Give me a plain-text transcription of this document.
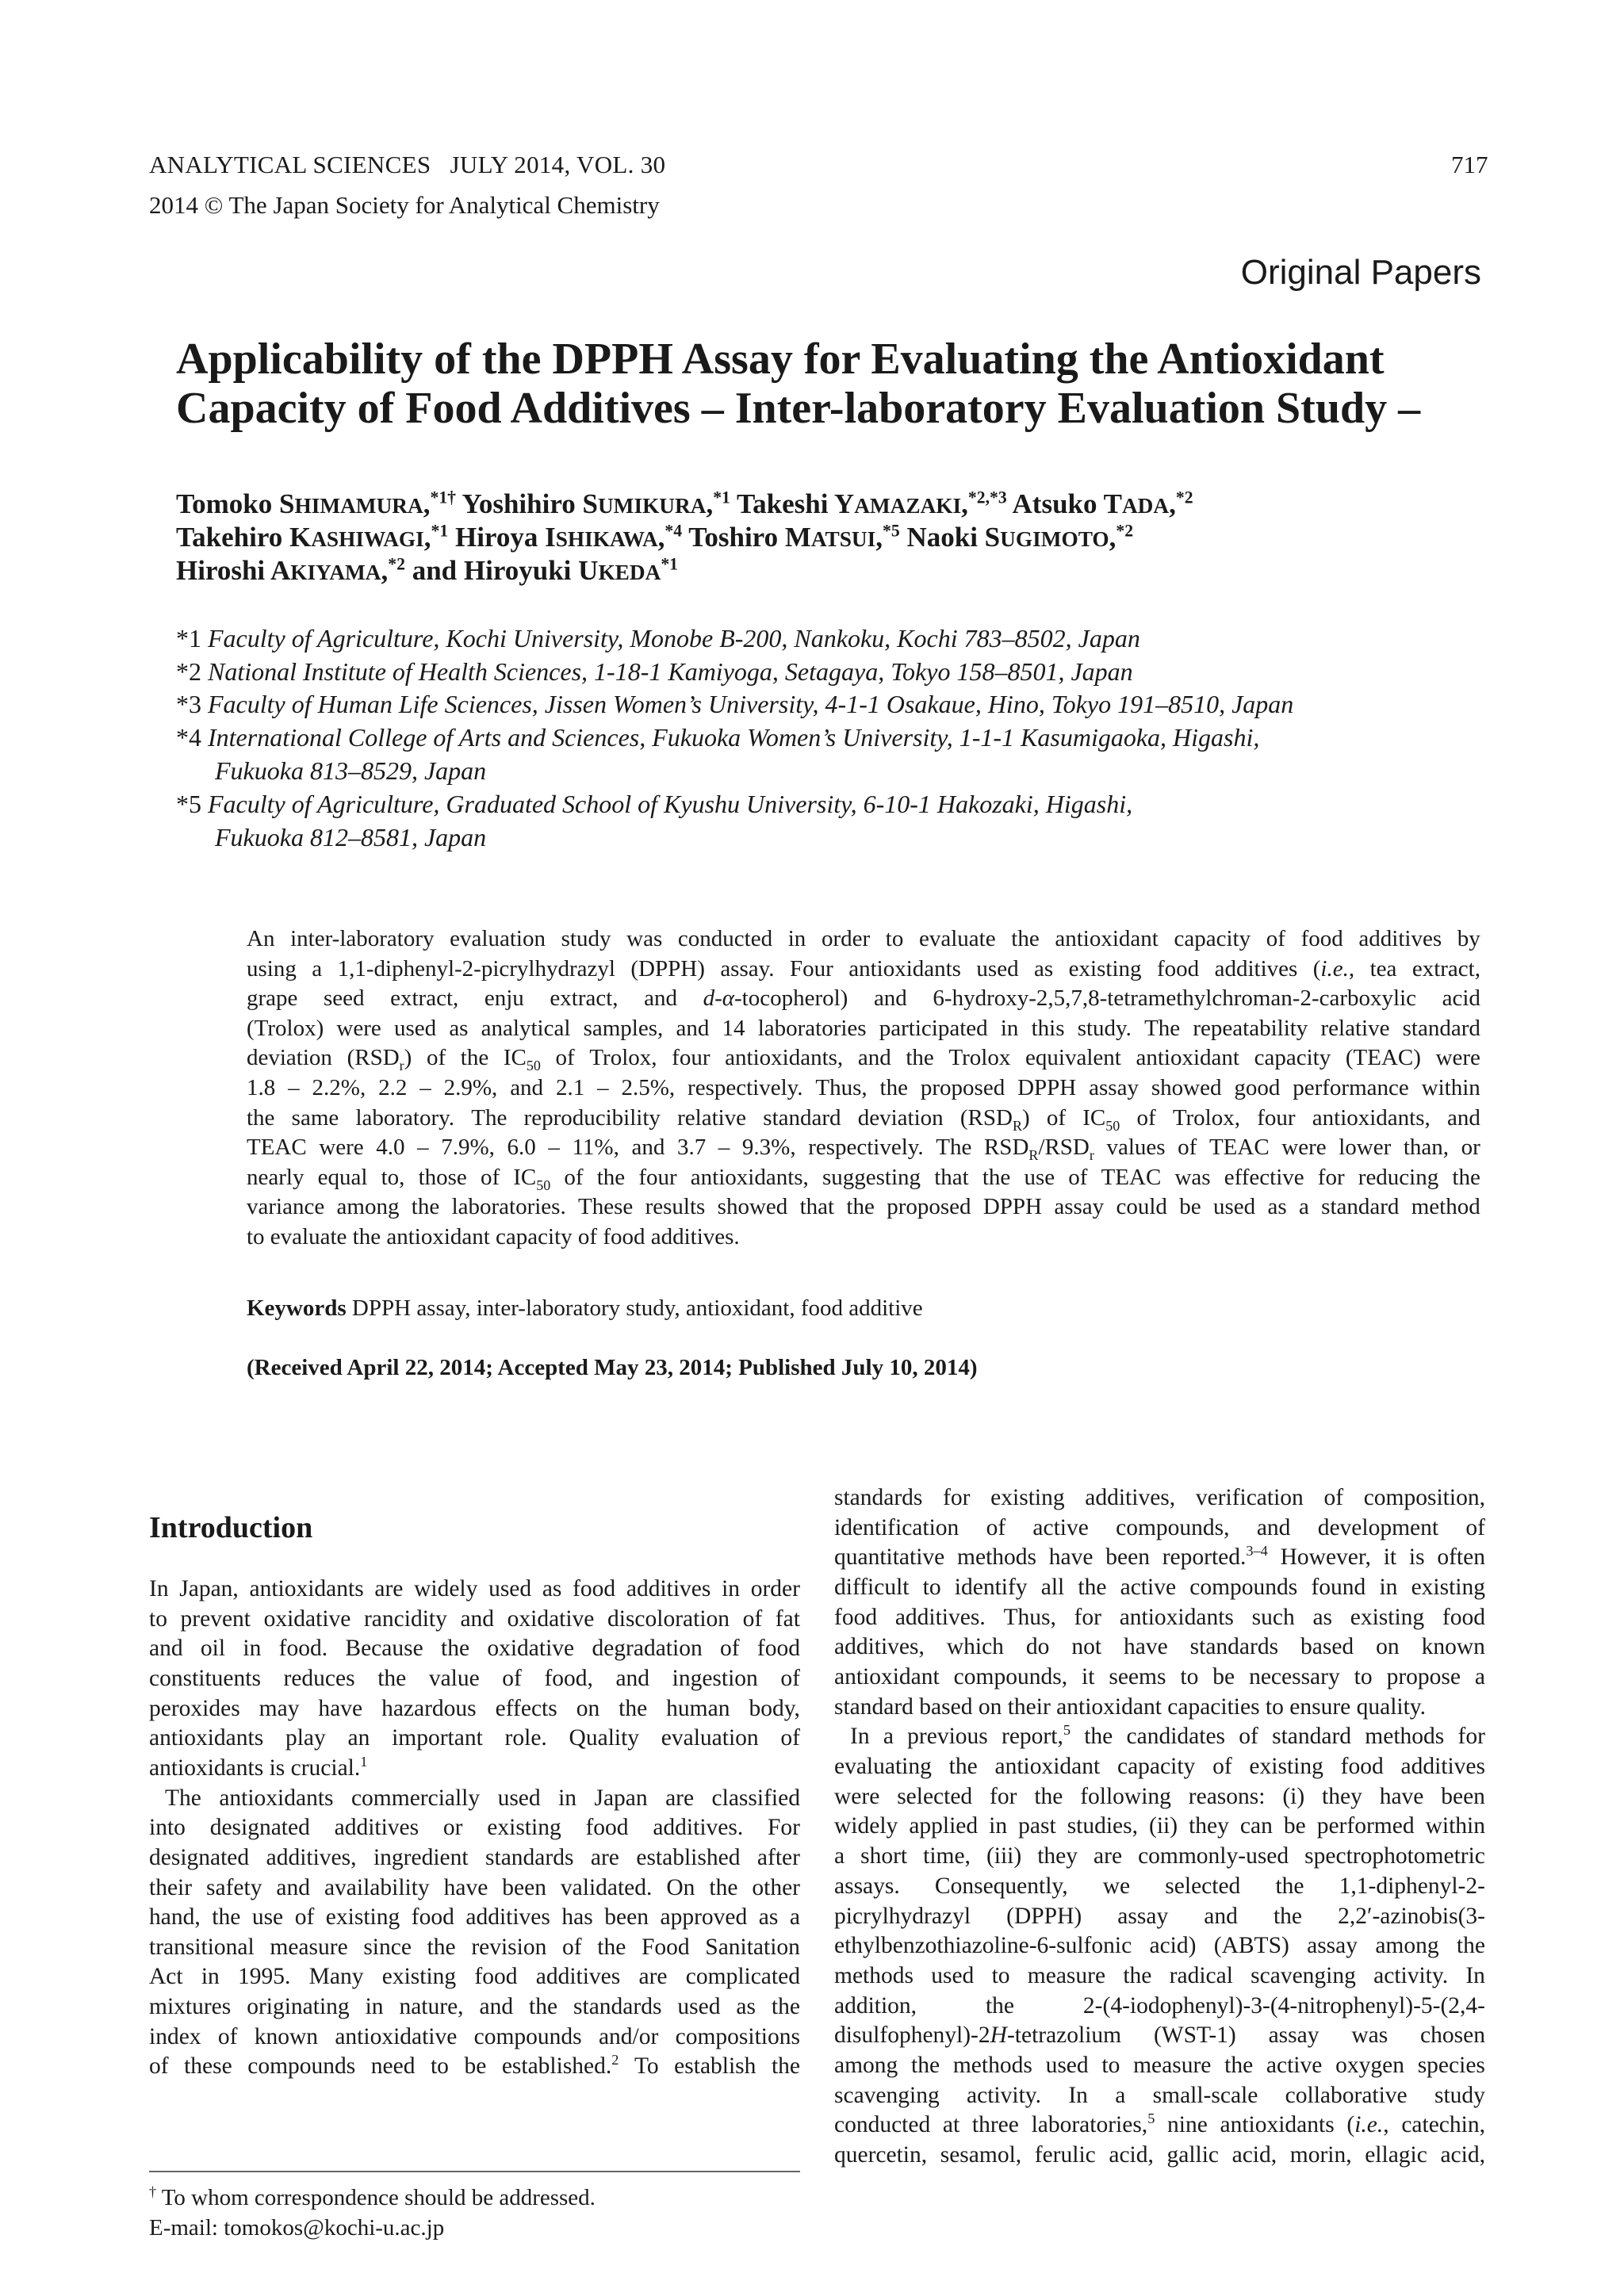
ANALYTICAL SCIENCES JULY 2014, VOL. 30	717
2014 © The Japan Society for Analytical Chemistry
Original Papers
Applicability of the DPPH Assay for Evaluating the Antioxidant
Capacity of Food Additives – Inter-laboratory Evaluation Study –
Tomoko SHIMAMURA,$^{*1\dagger}$ Yoshihiro SUMIKURA,$^{*1}$ Takeshi YAMAZAKI,$^{*2,*3}$ Atsuko TADA,$^{*2}$
Takehiro KASHIWAGI,$^{*1}$ Hiroya ISHIKAWA,$^{*4}$ Toshiro MATSUI,$^{*5}$ Naoki SUGIMOTO,$^{*2}$
Hiroshi AKIYAMA,$^{*2}$ and Hiroyuki UKEDA$^{*1}$
*1 Faculty of Agriculture, Kochi University, Monobe B-200, Nankoku, Kochi 783–8502, Japan
*2 National Institute of Health Sciences, 1-18-1 Kamiyoga, Setagaya, Tokyo 158–8501, Japan
*3 Faculty of Human Life Sciences, Jissen Women’s University, 4-1-1 Osakaue, Hino, Tokyo 191–8510, Japan
*4 International College of Arts and Sciences, Fukuoka Women’s University, 1-1-1 Kasumigaoka, Higashi,
Fukuoka 813–8529, Japan
*5 Faculty of Agriculture, Graduated School of Kyushu University, 6-10-1 Hakozaki, Higashi,
Fukuoka 812–8581, Japan
An inter-laboratory evaluation study was conducted in order to evaluate the antioxidant capacity of food additives by
using a 1,1-diphenyl-2-picrylhydrazyl (DPPH) assay. Four antioxidants used as existing food additives (i.e., tea extract,
grape seed extract, enju extract, and d-α-tocopherol) and 6-hydroxy-2,5,7,8-tetramethylchroman-2-carboxylic acid
(Trolox) were used as analytical samples, and 14 laboratories participated in this study. The repeatability relative standard
deviation $(RSD_r)$ of the $IC_{50}$ of Trolox, four antioxidants, and the Trolox equivalent antioxidant capacity (TEAC) were
1.8 – 2.2%, 2.2 – 2.9%, and 2.1 – 2.5%, respectively. Thus, the proposed DPPH assay showed good performance within
the same laboratory. The reproducibility relative standard deviation $(RSD_R)$ of $IC_{50}$ of Trolox, four antioxidants, and
TEAC were 4.0 – 7.9%, 6.0 – 11%, and 3.7 – 9.3%, respectively. The $RSD_R/RSD_r$ values of TEAC were lower than, or
nearly equal to, those of $IC_{50}$ of the four antioxidants, suggesting that the use of TEAC was effective for reducing the
variance among the laboratories. These results showed that the proposed DPPH assay could be used as a standard method
to evaluate the antioxidant capacity of food additives.
Keywords DPPH assay, inter-laboratory study, antioxidant, food additive
(Received April 22, 2014; Accepted May 23, 2014; Published July 10, 2014)
Introduction
In Japan, antioxidants are widely used as food additives in order
to prevent oxidative rancidity and oxidative discoloration of fat
and oil in food. Because the oxidative degradation of food
constituents reduces the value of food, and ingestion of
peroxides may have hazardous effects on the human body,
antioxidants play an important role. Quality evaluation of
antioxidants is crucial.$^1$
The antioxidants commercially used in Japan are classified
into designated additives or existing food additives. For
designated additives, ingredient standards are established after
their safety and availability have been validated. On the other
hand, the use of existing food additives has been approved as a
transitional measure since the revision of the Food Sanitation
Act in 1995. Many existing food additives are complicated
mixtures originating in nature, and the standards used as the
index of known antioxidative compounds and/or compositions
of these compounds need to be established.$^2$ To establish the
standards for existing additives, verification of composition,
identification of active compounds, and development of
quantitative methods have been reported.$^{3-4}$ However, it is often
difficult to identify all the active compounds found in existing
food additives. Thus, for antioxidants such as existing food
additives, which do not have standards based on known
antioxidant compounds, it seems to be necessary to propose a
standard based on their antioxidant capacities to ensure quality.
In a previous report,$^5$ the candidates of standard methods for
evaluating the antioxidant capacity of existing food additives
were selected for the following reasons: (i) they have been
widely applied in past studies, (ii) they can be performed within
a short time, (iii) they are commonly-used spectrophotometric
assays. Consequently, we selected the 1,1-diphenyl-2-
picrylhydrazyl (DPPH) assay and the 2,2′-azinobis(3-
ethylbenzothiazoline-6-sulfonic acid) (ABTS) assay among the
methods used to measure the radical scavenging activity. In
addition,	the	2-(4-iodophenyl)-3-(4-nitrophenyl)-5-(2,4-
disulfophenyl)-2H-tetrazolium (WST-1) assay was chosen
among the methods used to measure the active oxygen species
scavenging activity. In a small-scale collaborative study
conducted at three laboratories,$^5$ nine antioxidants (i.e., catechin,
quercetin, sesamol, ferulic acid, gallic acid, morin, ellagic acid,
† To whom correspondence should be addressed.
E-mail: tomokos@kochi-u.ac.jp
